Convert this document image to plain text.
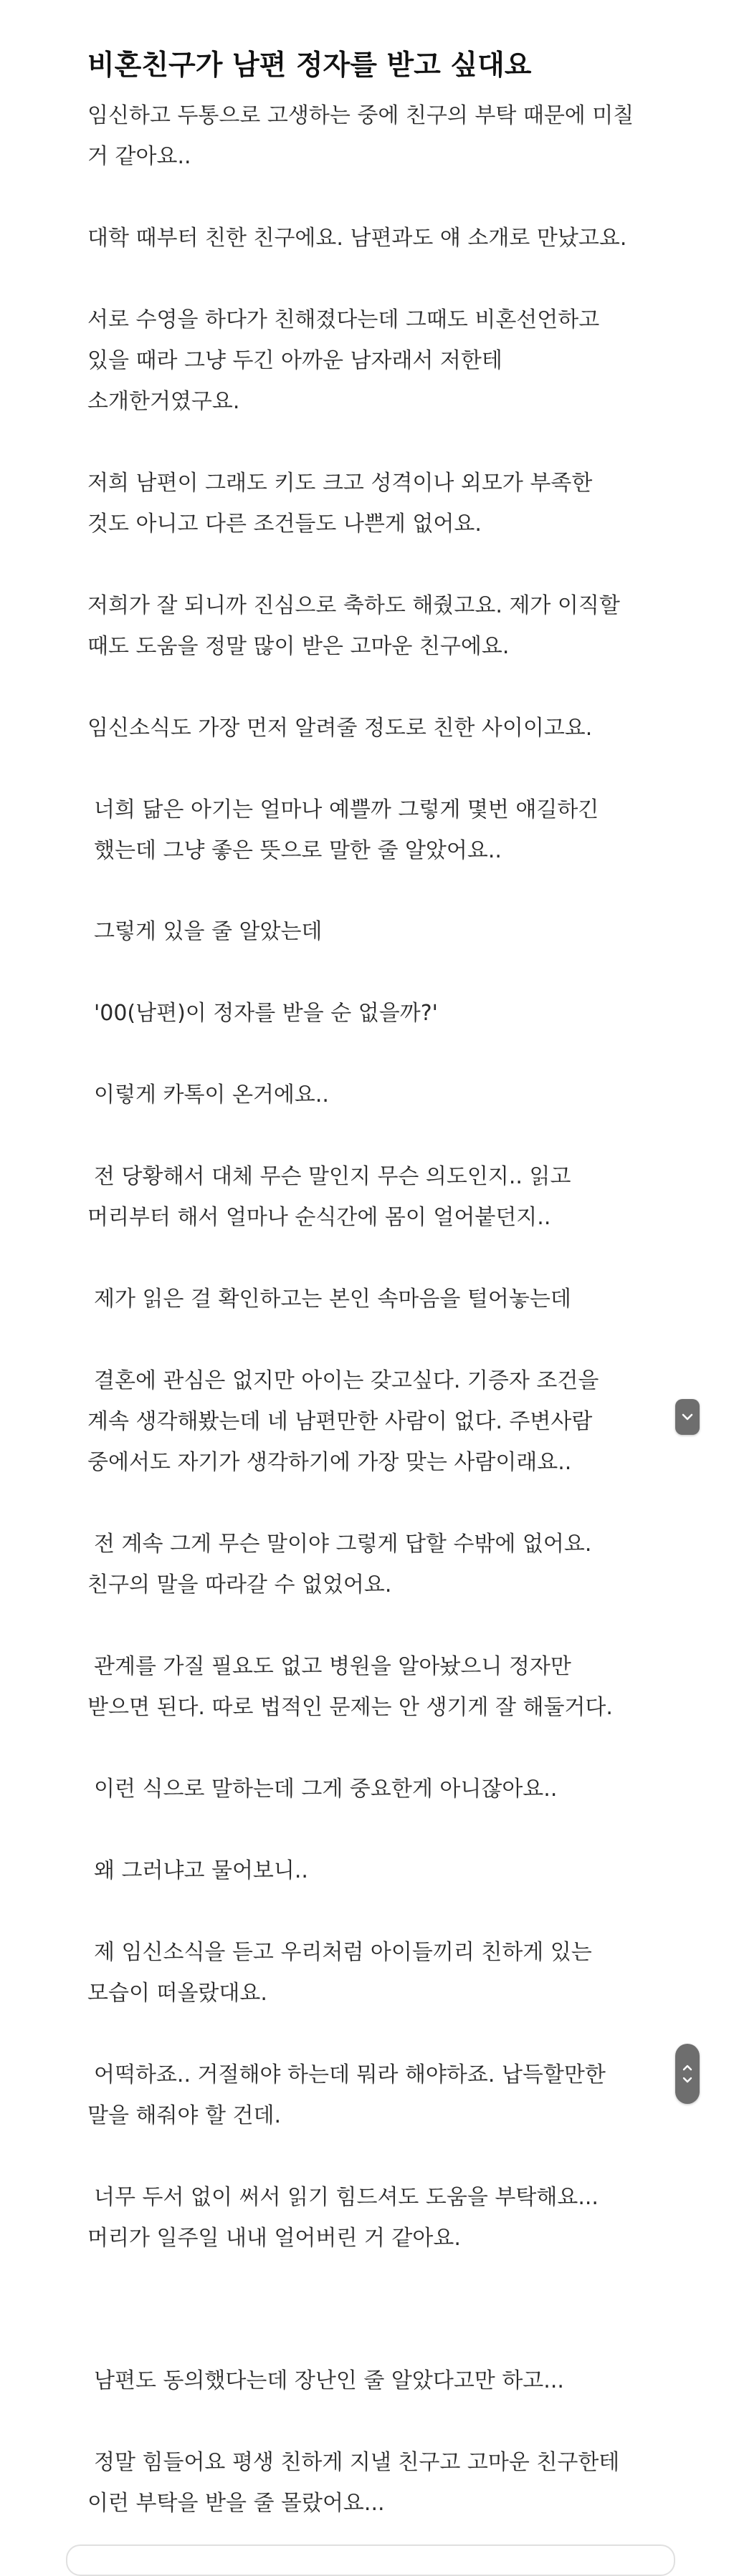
비혼친구가 남편 정자를 받고 싶대요

임신하고 두통으로 고생하는 중에 친구의 부탁 때문에 미칠

거 같아요..

대학 때부터 친한 친구에요. 남편과도 얘 소개로 만났고요.

서로 수영을 하다가 친해졌다는데 그때도 비혼선언하고

있을 때라 그냥 두긴 아까운 남자래서 저한테

소개한거였구요.

저희 남편이 그래도 키도 크고 성격이나 외모가 부족한

것도 아니고 다른 조건들도 나쁜게 없어요.

저희가 잘 되니까 진심으로 축하도 해줬고요. 제가 이직할

때도 도움을 정말 많이 받은 고마운 친구에요.

임신소식도 가장 먼저 알려줄 정도로 친한 사이이고요.

너희 닮은 아기는 얼마나 예쁠까 그렇게 몇번 얘길하긴

했는데 그냥 좋은 뜻으로 말한 줄 알았어요..

그렇게 있을 줄 알았는데

'00(남편)이 정자를 받을 순 없을까?'

이렇게 카톡이 온거에요..

전 당황해서 대체 무슨 말인지 무슨 의도인지.. 읽고

머리부터 해서 얼마나 순식간에 몸이 얼어붙던지..

제가 읽은 걸 확인하고는 본인 속마음을 털어놓는데

결혼에 관심은 없지만 아이는 갖고싶다. 기증자 조건을

계속 생각해봤는데 네 남편만한 사람이 없다. 주변사람

중에서도 자기가 생각하기에 가장 맞는 사람이래요..

전 계속 그게 무슨 말이야 그렇게 답할 수밖에 없어요.

친구의 말을 따라갈 수 없었어요.

관계를 가질 필요도 없고 병원을 알아놨으니 정자만

받으면 된다. 따로 법적인 문제는 안 생기게 잘 해둘거다.

이런 식으로 말하는데 그게 중요한게 아니잖아요..

왜 그러냐고 물어보니..

제 임신소식을 듣고 우리처럼 아이들끼리 친하게 있는

모습이 떠올랐대요.

어떡하죠.. 거절해야 하는데 뭐라 해야하죠. 납득할만한

말을 해줘야 할 건데.

너무 두서 없이 써서 읽기 힘드셔도 도움을 부탁해요...

머리가 일주일 내내 얼어버린 거 같아요.

남편도 동의했다는데 장난인 줄 알았다고만 하고...

정말 힘들어요 평생 친하게 지낼 친구고 고마운 친구한테

이런 부탁을 받을 줄 몰랐어요...
